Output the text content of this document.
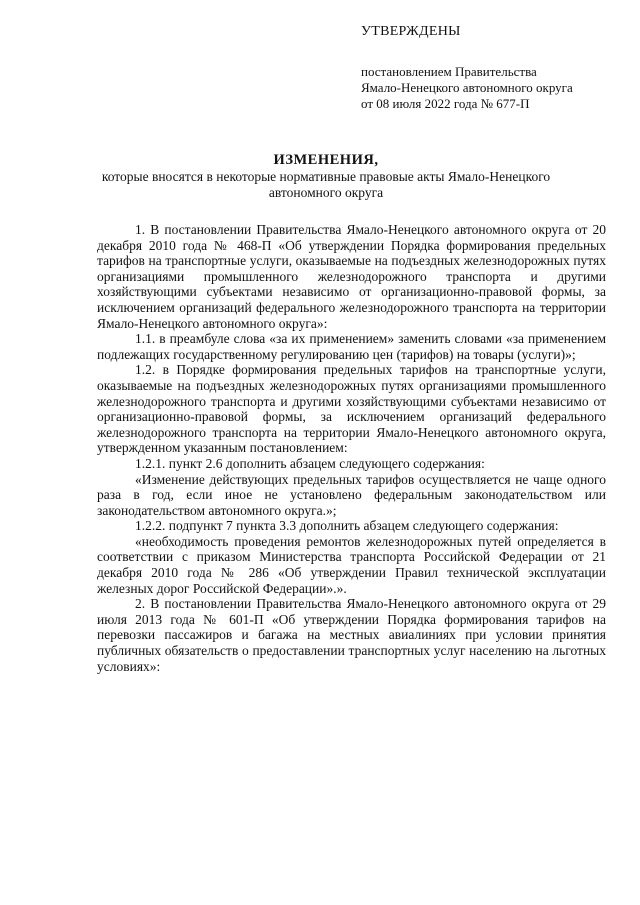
УТВЕРЖДЕНЫ
постановлением Правительства
Ямало-Ненецкого автономного округа
от 08 июля 2022 года № 677-П
ИЗМЕНЕНИЯ,
которые вносятся в некоторые нормативные правовые акты Ямало-Ненецкого автономного округа

1. В постановлении Правительства Ямало-Ненецкого автономного округа от 20 декабря 2010 года № 468-П «Об утверждении Порядка формирования предельных тарифов на транспортные услуги, оказываемые на подъездных железнодорожных путях организациями промышленного железнодорожного транспорта и другими хозяйствующими субъектами независимо от организационно-правовой формы, за исключением организаций федерального железнодорожного транспорта на территории Ямало-Ненецкого автономного округа»:

1.1. в преамбуле слова «за их применением» заменить словами «за применением подлежащих государственному регулированию цен (тарифов) на товары (услуги)»;

1.2. в Порядке формирования предельных тарифов на транспортные услуги, оказываемые на подъездных железнодорожных путях организациями промышленного железнодорожного транспорта и другими хозяйствующими субъектами независимо от организационно-правовой формы, за исключением организаций федерального железнодорожного транспорта на территории Ямало-Ненецкого автономного округа, утвержденном указанным постановлением:

1.2.1. пункт 2.6 дополнить абзацем следующего содержания:

«Изменение действующих предельных тарифов осуществляется не чаще одного раза в год, если иное не установлено федеральным законодательством или законодательством автономного округа.»;

1.2.2. подпункт 7 пункта 3.3 дополнить абзацем следующего содержания:

«необходимость проведения ремонтов железнодорожных путей определяется в соответствии с приказом Министерства транспорта Российской Федерации от 21 декабря 2010 года № 286 «Об утверждении Правил технической эксплуатации железных дорог Российской Федерации».».

2. В постановлении Правительства Ямало-Ненецкого автономного округа от 29 июля 2013 года № 601-П «Об утверждении Порядка формирования тарифов на перевозки пассажиров и багажа на местных авиалиниях при условии принятия публичных обязательств о предоставлении транспортных услуг населению на льготных условиях»:
